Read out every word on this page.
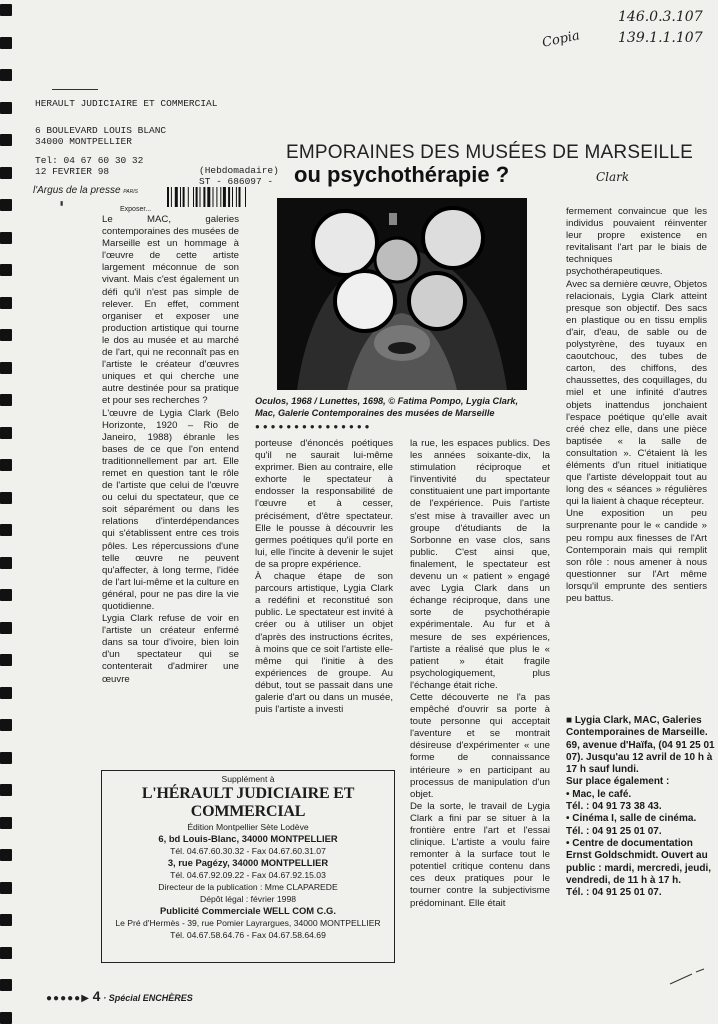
146.0.3.107
139.1.1.107
Copia
Clark
HERAULT JUDICIAIRE ET COMMERCIAL
6 BOULEVARD LOUIS BLANC
34000 MONTPELLIER
Tel: 04 67 60 30 32
12 FEVRIER 98	(Hebdomadaire)
ST - 686097 -
l'Argus de la presse PARIS
EMPORAINES DES MUSÉES DE MARSEILLE
ou psychothérapie ?
Oculos, 1968 / Lunettes, 1698, © Fatima Pompo, Lygia Clark, Mac, Galerie Contemporaines des musées de Marseille
●●●●●●●●●●●●●●●
▮
Exposer...

Le MAC, galeries contemporaines des musées de Marseille est un hommage à l'œuvre de cette artiste largement méconnue de son vivant. Mais c'est également un défi qu'il n'est pas simple de relever. En effet, comment organiser et exposer une production artistique qui tourne le dos au musée et au marché de l'art, qui ne reconnaît pas en l'artiste le créateur d'œuvres uniques et qui cherche une autre destinée pour sa pratique et pour ses recherches ?

L'œuvre de Lygia Clark (Belo Horizonte, 1920 – Rio de Janeiro, 1988) ébranle les bases de ce que l'on entend traditionnellement par art. Elle remet en question tant le rôle de l'artiste que celui de l'œuvre ou celui du spectateur, que ce soit séparément ou dans les relations d'interdépendances qui s'établissent entre ces trois pôles. Les répercussions d'une telle œuvre ne peuvent qu'affecter, à long terme, l'idée de l'art lui-même et la culture en général, pour ne pas dire la vie quotidienne.

Lygia Clark refuse de voir en l'artiste un créateur enfermé dans sa tour d'ivoire, bien loin d'un spectateur qui se contenterait d'admirer une œuvre

porteuse d'énoncés poétiques qu'il ne saurait lui-même exprimer. Bien au contraire, elle exhorte le spectateur à endosser la responsabilité de l'œuvre et à cesser, précisément, d'être spectateur. Elle le pousse à découvrir les germes poétiques qu'il porte en lui, elle l'incite à devenir le sujet de sa propre expérience.

À chaque étape de son parcours artistique, Lygia Clark a redéfini et reconstitué son public. Le spectateur est invité à créer ou à utiliser un objet d'après des instructions écrites, à moins que ce soit l'artiste elle-même qui l'initie à des expériences de groupe. Au début, tout se passait dans une galerie d'art ou dans un musée, puis l'artiste a investi

la rue, les espaces publics. Des les années soixante-dix, la stimulation réciproque et l'inventivité du spectateur constituaient une part importante de l'expérience. Puis l'artiste s'est mise à travailler avec un groupe d'étudiants de la Sorbonne en vase clos, sans public. C'est ainsi que, finalement, le spectateur est devenu un « patient » engagé avec Lygia Clark dans un échange réciproque, dans une sorte de psychothérapie expérimentale. Au fur et à mesure de ses expériences, l'artiste a réalisé que plus le « patient » était fragile psychologiquement, plus l'échange était riche.

Cette découverte ne l'a pas empêché d'ouvrir sa porte à toute personne qui acceptait l'aventure et se montrait désireuse d'expérimenter « une forme de connaissance intérieure » en participant au processus de manipulation d'un objet.

De la sorte, le travail de Lygia Clark a fini par se situer à la frontière entre l'art et l'essai clinique. L'artiste a voulu faire remonter à la surface tout le potentiel critique contenu dans ces deux pratiques pour le tourner contre la subjectivisme prédominant. Elle était

fermement convaincue que les individus pouvaient réinventer leur propre existence en revitalisant l'art par le biais de techniques psychothérapeutiques.

Avec sa dernière œuvre, Objetos relacionais, Lygia Clark atteint presque son objectif. Des sacs en plastique ou en tissu emplis d'air, d'eau, de sable ou de polystyrène, des tuyaux en caoutchouc, des tubes de carton, des chiffons, des chaussettes, des coquillages, du miel et une infinité d'autres objets inattendus jonchaient l'espace poétique qu'elle avait créé chez elle, dans une pièce baptisée « la salle de consultation ». C'étaient là les éléments d'un rituel initiatique que l'artiste développait tout au long des « séances » régulières qui la liaient à chaque récepteur.

Une exposition un peu surprenante pour le « candide » peu rompu aux finesses de l'Art Contemporain mais qui remplit son rôle : nous amener à nous questionner sur l'Art même lorsqu'il emprunte des sentiers peu battus.

■ Lygia Clark, MAC, Galeries Contemporaines de Marseille. 69, avenue d'Haïfa, (04 91 25 01 07). Jusqu'au 12 avril de 10 h à 17 h sauf lundi.
Sur place également :
• Mac, le café.
Tél. : 04 91 73 38 43.
• Cinéma I, salle de cinéma.
Tél. : 04 91 25 01 07.
• Centre de documentation Ernst Goldschmidt. Ouvert au public : mardi, mercredi, jeudi, vendredi, de 11 h à 17 h.
Tél. : 04 91 25 01 07.
Supplément à
L'HÉRAULT JUDICIAIRE ET COMMERCIAL
Édition Montpellier Sète Lodève
6, bd Louis-Blanc, 34000 MONTPELLIER
Tél. 04.67.60.30.32 - Fax 04.67.60.31.07
3, rue Pagézy, 34000 MONTPELLIER
Tél. 04.67.92.09.22 - Fax 04.67.92.15.03
Directeur de la publication : Mme CLAPAREDE
Dépôt légal : février 1998
Publicité Commerciale WELL COM C.G.
Le Pré d'Hermès - 39, rue Pomier Layrargues, 34000 MONTPELLIER
Tél. 04.67.58.64.76 - Fax 04.67.58.64.69
●●●●●▶ 4 · Spécial ENCHÈRES
